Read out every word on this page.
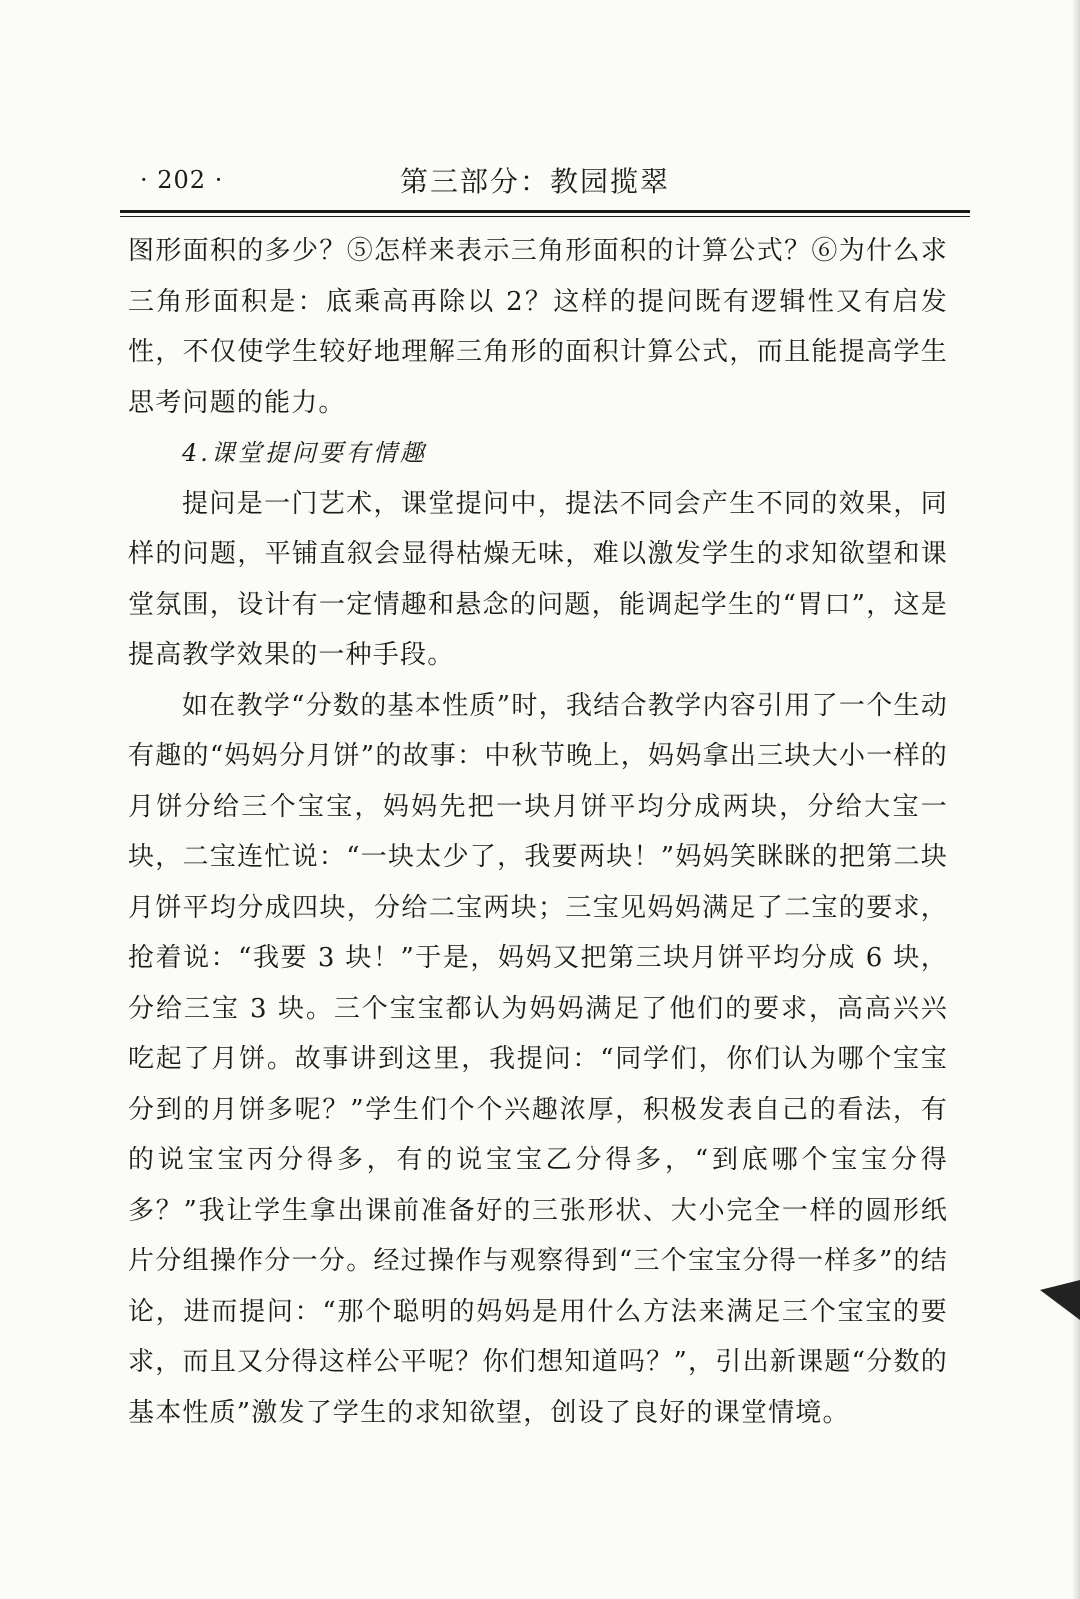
· 202 ·	第三部分：教园揽翠

图形面积的多少？⑤怎样来表示三角形面积的计算公式？⑥为什么求三角形面积是：底乘高再除以 2？这样的提问既有逻辑性又有启发性，不仅使学生较好地理解三角形的面积计算公式，而且能提高学生思考问题的能力。

4.课堂提问要有情趣

提问是一门艺术，课堂提问中，提法不同会产生不同的效果，同样的问题，平铺直叙会显得枯燥无味，难以激发学生的求知欲望和课堂氛围，设计有一定情趣和悬念的问题，能调起学生的“胃口”，这是提高教学效果的一种手段。

如在教学“分数的基本性质”时，我结合教学内容引用了一个生动有趣的“妈妈分月饼”的故事：中秋节晚上，妈妈拿出三块大小一样的月饼分给三个宝宝，妈妈先把一块月饼平均分成两块，分给大宝一块，二宝连忙说：“一块太少了，我要两块！”妈妈笑眯眯的把第二块月饼平均分成四块，分给二宝两块；三宝见妈妈满足了二宝的要求，抢着说：“我要 3 块！”于是，妈妈又把第三块月饼平均分成 6 块，分给三宝 3 块。三个宝宝都认为妈妈满足了他们的要求，高高兴兴吃起了月饼。故事讲到这里，我提问：“同学们，你们认为哪个宝宝分到的月饼多呢？”学生们个个兴趣浓厚，积极发表自己的看法，有的说宝宝丙分得多，有的说宝宝乙分得多，“到底哪个宝宝分得多？”我让学生拿出课前准备好的三张形状、大小完全一样的圆形纸片分组操作分一分。经过操作与观察得到“三个宝宝分得一样多”的结论，进而提问：“那个聪明的妈妈是用什么方法来满足三个宝宝的要求，而且又分得这样公平呢？你们想知道吗？”，引出新课题“分数的基本性质”激发了学生的求知欲望，创设了良好的课堂情境。
